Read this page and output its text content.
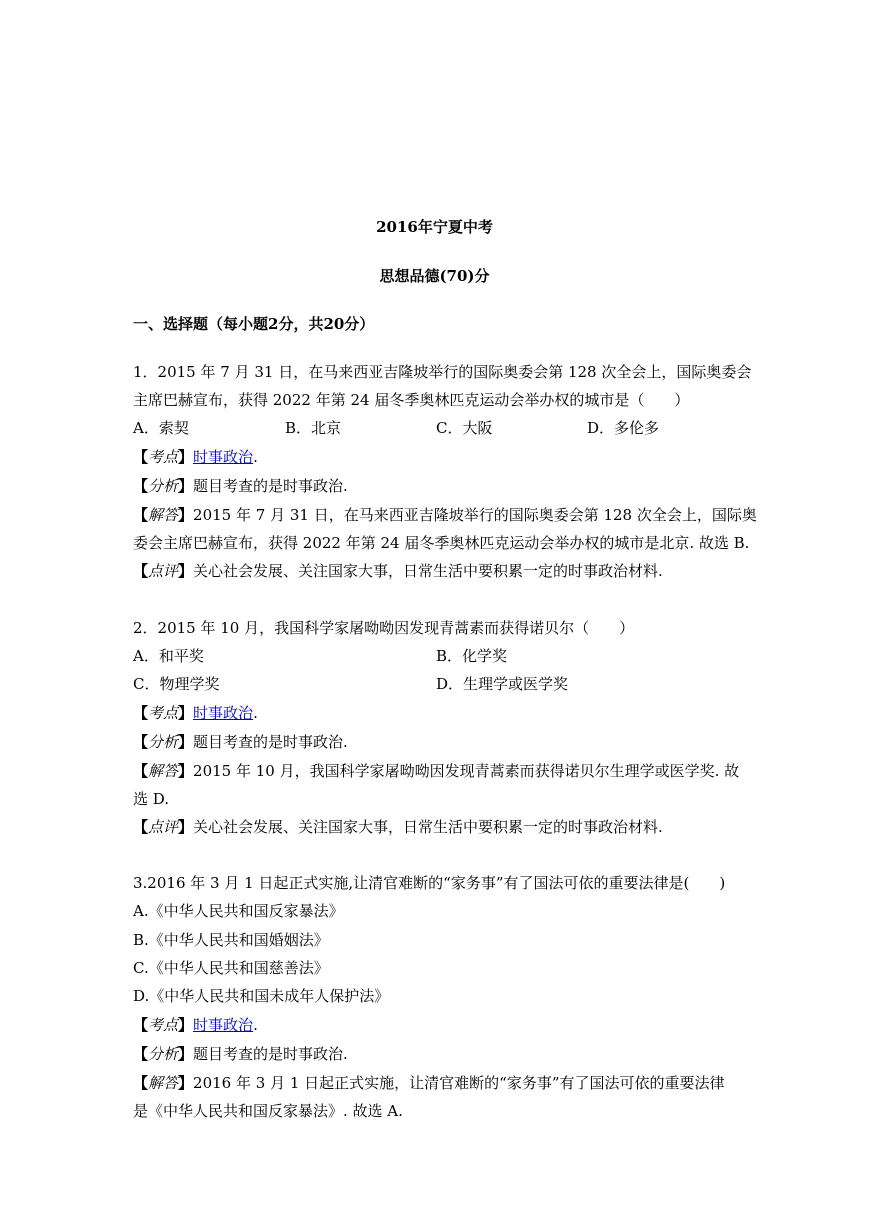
2016年宁夏中考
思想品德(70)分
一、选择题（每小题2分，共20分）
1．2015 年 7 月 31 日，在马来西亚吉隆坡举行的国际奥委会第 128 次全会上，国际奥委会
主席巴赫宣布，获得 2022 年第 24 届冬季奥林匹克运动会举办权的城市是（　　）
A．索契	B．北京	C．大阪	D．多伦多
【考点】时事政治.
【分析】题目考查的是时事政治.
【解答】2015 年 7 月 31 日，在马来西亚吉隆坡举行的国际奥委会第 128 次全会上，国际奥
委会主席巴赫宣布，获得 2022 年第 24 届冬季奥林匹克运动会举办权的城市是北京. 故选 B.
【点评】关心社会发展、关注国家大事，日常生活中要积累一定的时事政治材料.
2．2015 年 10 月，我国科学家屠呦呦因发现青蒿素而获得诺贝尔（　　）
A．和平奖	B．化学奖
C．物理学奖	D．生理学或医学奖
【考点】时事政治.
【分析】题目考查的是时事政治.
【解答】2015 年 10 月，我国科学家屠呦呦因发现青蒿素而获得诺贝尔生理学或医学奖. 故
选 D.
【点评】关心社会发展、关注国家大事，日常生活中要积累一定的时事政治材料.
3.2016 年 3 月 1 日起正式实施,让清官难断的“家务事”有了国法可依的重要法律是(　　)
A.《中华人民共和国反家暴法》
B.《中华人民共和国婚姻法》
C.《中华人民共和国慈善法》
D.《中华人民共和国未成年人保护法》
【考点】时事政治.
【分析】题目考查的是时事政治.
【解答】2016 年 3 月 1 日起正式实施，让清官难断的“家务事”有了国法可依的重要法律
是《中华人民共和国反家暴法》. 故选 A.
